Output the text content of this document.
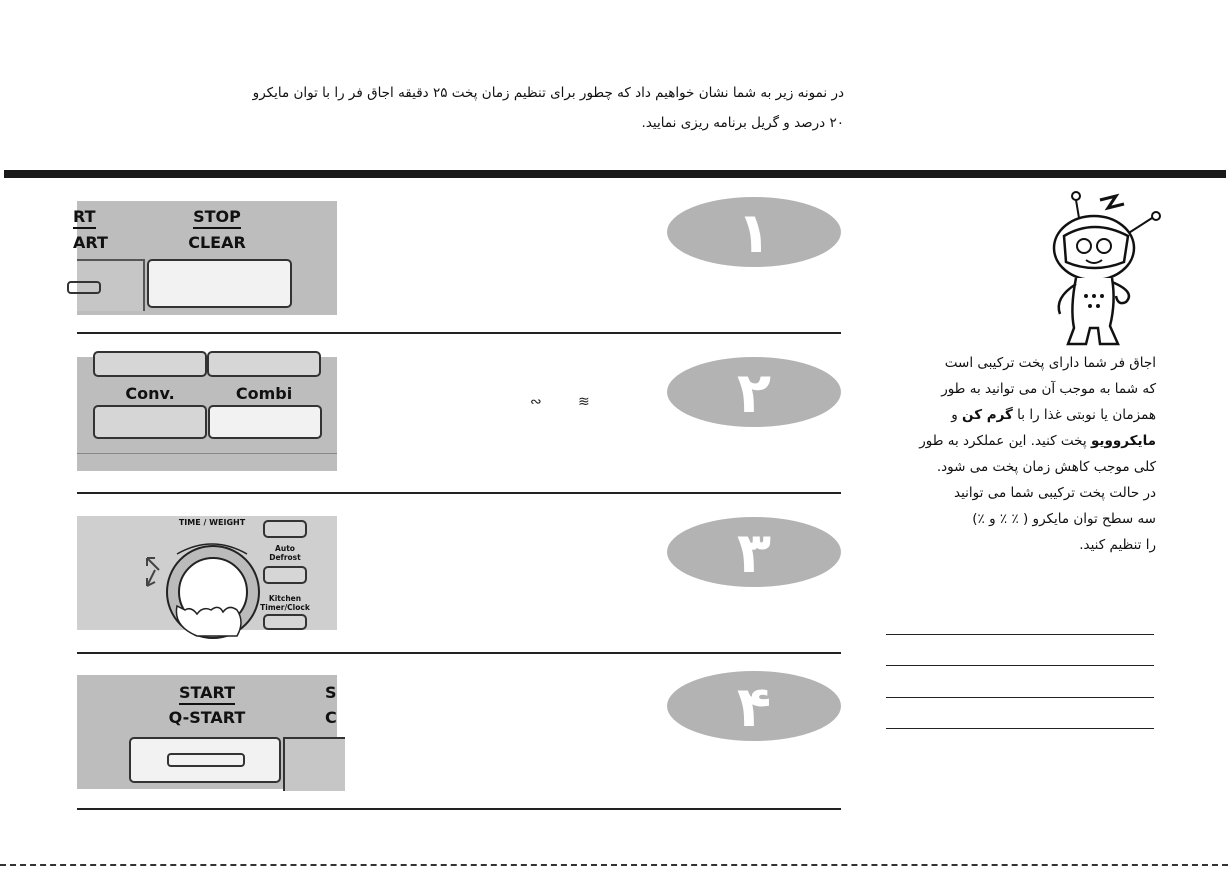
در نمونه زیر به شما نشان خواهیم داد که چطور برای تنظیم زمان پخت ۲۵ دقیقه اجاق فر را با توان مایکرو
۲۰ درصد و گریل برنامه ریزی نمایید.
۱
۲
۳
۴
RT
ART
STOP
CLEAR
Conv.	Combi	∾	≋
TIME / WEIGHT
Auto
Defrost
Kitchen
Timer/Clock
START
Q-START
S
C
اجاق فر شما دارای پخت ترکیبی است
که شما به موجب آن می توانید به طور
همزمان یا نوبتی غذا را با گرم کن و
مایکروویو پخت کنید. این عملکرد به طور
کلی موجب کاهش زمان پخت می شود.
در حالت پخت ترکیبی شما می توانید
سه سطح توان مایکرو ( ٪ ٪ و ٪)
را تنظیم کنید.
